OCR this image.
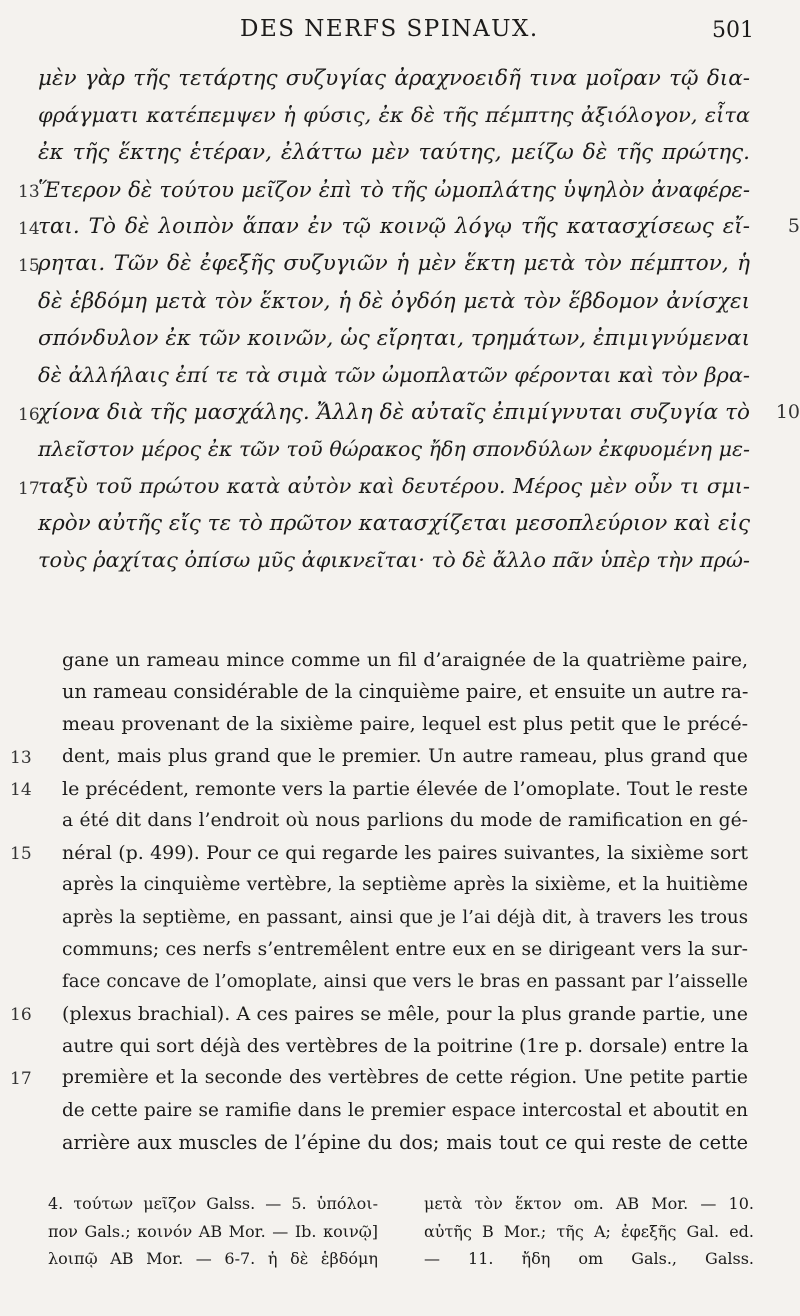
DES NERFS SPINAUX.	501
μὲν γὰρ τῆς τετάρτης συζυγίας ἀραχνοειδῆ τινα μοῖραν τῷ δια-
φράγματι κατέπεμψεν ἡ φύσις, ἐκ δὲ τῆς πέμπτης ἀξιόλογον, εἶτα
ἐκ τῆς ἕκτης ἑτέραν, ἐλάττω μὲν ταύτης, μείζω δὲ τῆς πρώτης.
Ἕτερον δὲ τούτου μεῖζον ἐπὶ τὸ τῆς ὠμοπλάτης ὑψηλὸν ἀναφέρε-
13
ται. Τὸ δὲ λοιπὸν ἅπαν ἐν τῷ κοινῷ λόγῳ τῆς κατασχίσεως εἴ-
14	5
ρηται. Τῶν δὲ ἐφεξῆς συζυγιῶν ἡ μὲν ἕκτη μετὰ τὸν πέμπτον, ἡ
15
δὲ ἑβδόμη μετὰ τὸν ἕκτον, ἡ δὲ ὀγδόη μετὰ τὸν ἕβδομον ἀνίσχει
σπόνδυλον ἐκ τῶν κοινῶν, ὡς εἴρηται, τρημάτων, ἐπιμιγνύμεναι
δὲ ἀλλήλαις ἐπί τε τὰ σιμὰ τῶν ὠμοπλατῶν φέρονται καὶ τὸν βρα-
χίονα διὰ τῆς μασχάλης. Ἄλλη δὲ αὐταῖς ἐπιμίγνυται συζυγία τὸ
16	10
πλεῖστον μέρος ἐκ τῶν τοῦ θώρακος ἤδη σπονδύλων ἐκφυομένη με-
ταξὺ τοῦ πρώτου κατὰ αὐτὸν καὶ δευτέρου. Μέρος μὲν οὖν τι σμι-
17
κρὸν αὐτῆς εἴς τε τὸ πρῶτον κατασχίζεται μεσοπλεύριον καὶ εἰς
τοὺς ῥαχίτας ὀπίσω μῦς ἀφικνεῖται· τὸ δὲ ἄλλο πᾶν ὑπὲρ τὴν πρώ-
gane un rameau mince comme un fil d’araignée de la quatrième paire,
un rameau considérable de la cinquième paire, et ensuite un autre ra-
meau provenant de la sixième paire, lequel est plus petit que le précé-
dent, mais plus grand que le premier. Un autre rameau, plus grand que
13
le précédent, remonte vers la partie élevée de l’omoplate. Tout le reste
14
a été dit dans l’endroit où nous parlions du mode de ramification en gé-
néral (p. 499). Pour ce qui regarde les paires suivantes, la sixième sort
15
après la cinquième vertèbre, la septième après la sixième, et la huitième
après la septième, en passant, ainsi que je l’ai déjà dit, à travers les trous
communs; ces nerfs s’entremêlent entre eux en se dirigeant vers la sur-
face concave de l’omoplate, ainsi que vers le bras en passant par l’aisselle
(plexus brachial). A ces paires se mêle, pour la plus grande partie, une
16
autre qui sort déjà des vertèbres de la poitrine (1re p. dorsale) entre la
première et la seconde des vertèbres de cette région. Une petite partie
17
de cette paire se ramifie dans le premier espace intercostal et aboutit en
arrière aux muscles de l’épine du dos; mais tout ce qui reste de cette
4. τούτων μεῖζον Galss. — 5. ὑπόλοι-
πον Gals.; κοινόν AB Mor. — Ib. κοινῷ]
λοιπῷ AB Mor. — 6-7. ἡ δὲ ἑβδόμη
μετὰ τὸν ἕκτον om. AB Mor. — 10.
αὐτῆς B Mor.; τῆς A; ἐφεξῆς Gal. ed.
— 11. ἤδη om Gals., Galss.
